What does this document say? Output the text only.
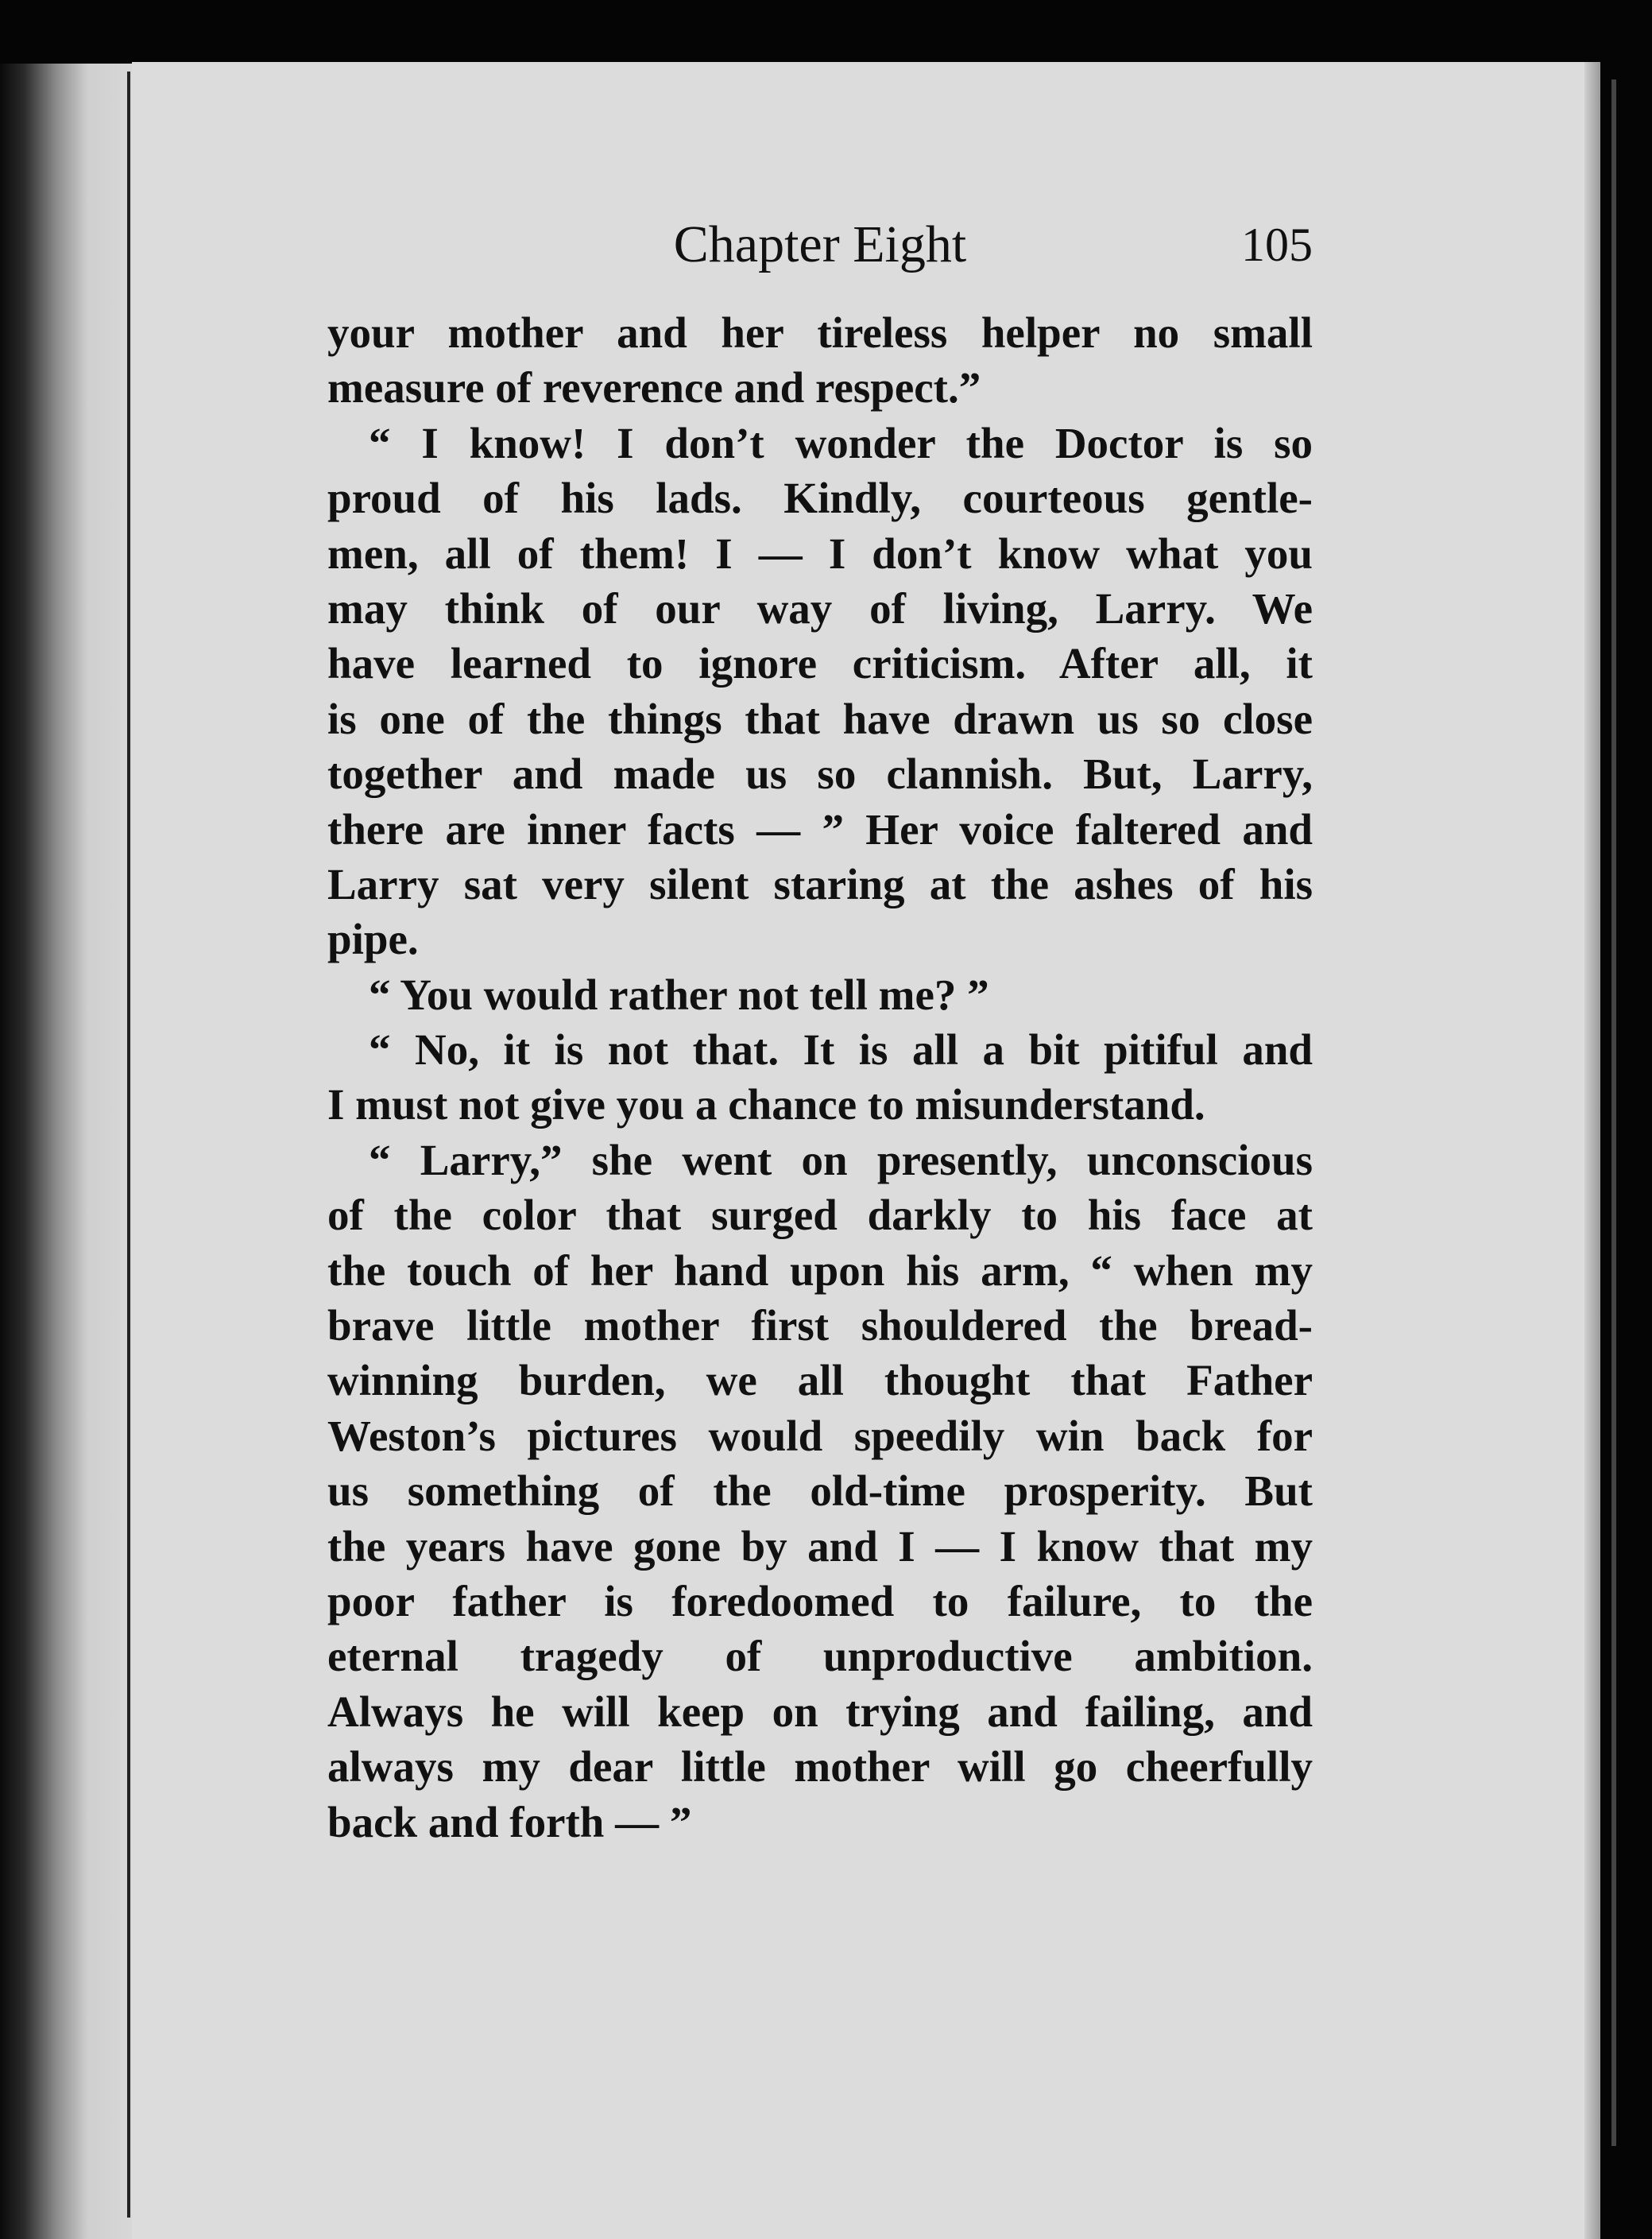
Chapter Eight	105
your mother and her tireless helper no small
measure of reverence and respect.”
“ I know! I don’t wonder the Doctor is so
proud of his lads. Kindly, courteous gentle-
men, all of them! I — I don’t know what you
may think of our way of living, Larry. We
have learned to ignore criticism. After all, it
is one of the things that have drawn us so close
together and made us so clannish. But, Larry,
there are inner facts — ” Her voice faltered and
Larry sat very silent staring at the ashes of his
pipe.
“ You would rather not tell me? ”
“ No, it is not that. It is all a bit pitiful and
I must not give you a chance to misunderstand.
“ Larry,” she went on presently, unconscious
of the color that surged darkly to his face at
the touch of her hand upon his arm, “ when my
brave little mother first shouldered the bread-
winning burden, we all thought that Father
Weston’s pictures would speedily win back for
us something of the old-time prosperity. But
the years have gone by and I — I know that my
poor father is foredoomed to failure, to the
eternal tragedy of unproductive ambition.
Always he will keep on trying and failing, and
always my dear little mother will go cheerfully
back and forth — ”
